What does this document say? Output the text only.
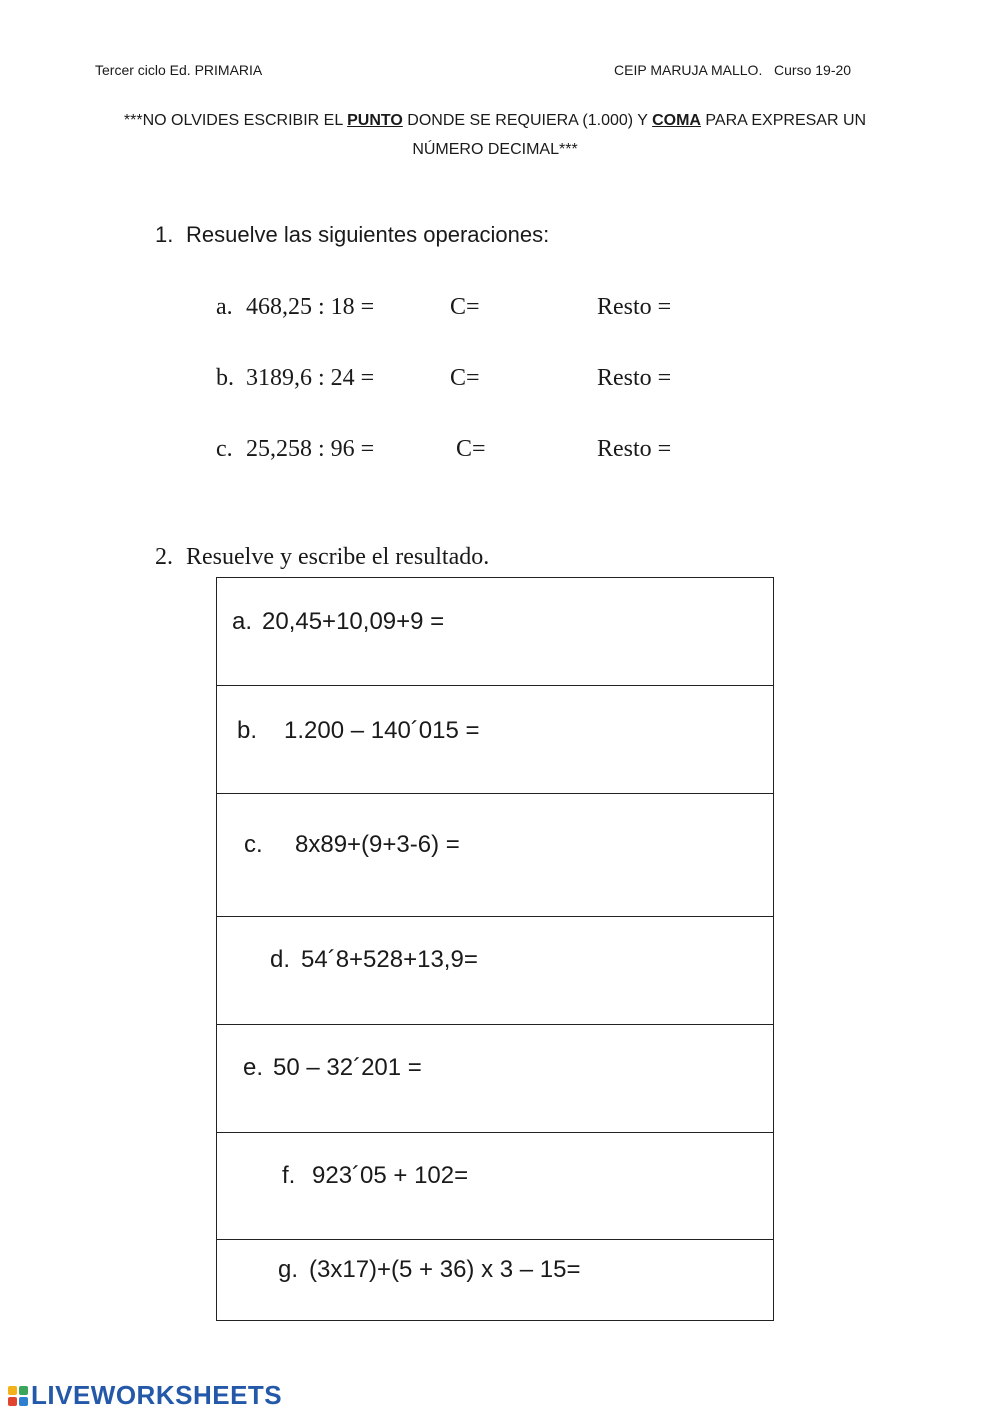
Tercer ciclo Ed. PRIMARIA	CEIP MARUJA MALLO.   Curso 19-20
***NO OLVIDES ESCRIBIR EL PUNTO DONDE SE REQUIERA (1.000) Y COMA PARA EXPRESAR UN NÚMERO DECIMAL***
1. Resuelve las siguientes operaciones:
a. 468,25 : 18 =	C=	Resto =
b. 3189,6 : 24 =	C=	Resto =
c. 25,258 : 96 =	C=	Resto =
2. Resuelve y escribe el resultado.
a. 20,45+10,09+9 =
b. 1.200 – 140´015 =
c. 8x89+(9+3-6) =
d. 54´8+528+13,9=
e. 50 – 32´201 =
f. 923´05 + 102=
g. (3x17)+(5 + 36) x 3 – 15=
LIVEWORKSHEETS
